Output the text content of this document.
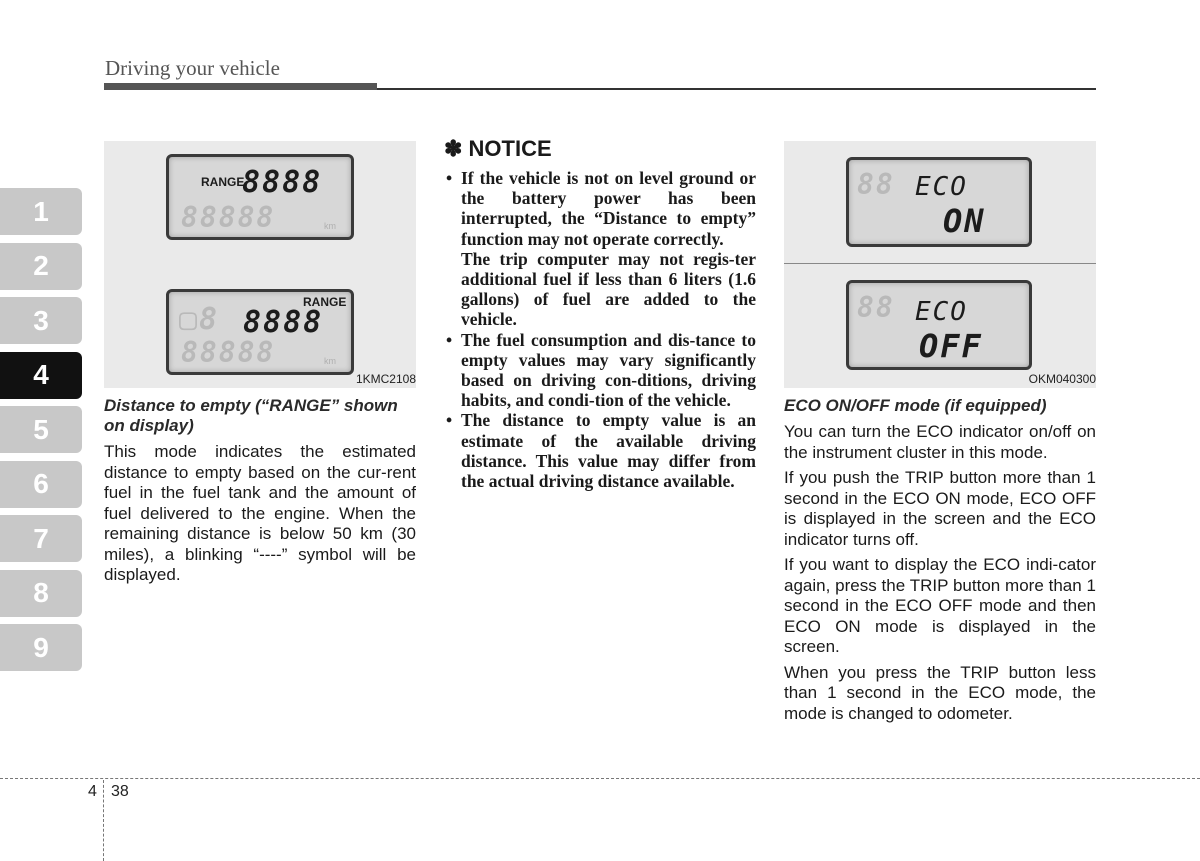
Driving your vehicle
1
2
3
4
5
6
7
8
9
RANGE
8888
88888	km
▢8 8888
RANGE
88888	km
1KMC2108
Distance to empty (“RANGE” shown on display)

This mode indicates the estimated distance to empty based on the cur-rent fuel in the fuel tank and the amount of fuel delivered to the engine. When the remaining distance is below 50 km (30 miles), a blinking “----” symbol will be displayed.

✽ NOTICE

• If the vehicle is not on level ground or the battery power has been interrupted, the “Distance to empty” function may not operate correctly.

The trip computer may not regis-ter additional fuel if less than 6 liters (1.6 gallons) of fuel are added to the vehicle.

• The fuel consumption and dis-tance to empty values may vary significantly based on driving con-ditions, driving habits, and condi-tion of the vehicle.

• The distance to empty value is an estimate of the available driving distance. This value may differ from the actual driving distance available.

88 ECO
ON
88 ECO
OFF
OKM040300
ECO ON/OFF mode (if equipped)

You can turn the ECO indicator on/off on the instrument cluster in this mode.

If you push the TRIP button more than 1 second in the ECO ON mode, ECO OFF is displayed in the screen and the ECO indicator turns off.

If you want to display the ECO indi-cator again, press the TRIP button more than 1 second in the ECO OFF mode and then ECO ON mode is displayed in the screen.

When you press the TRIP button less than 1 second in the ECO mode, the mode is changed to odometer.

4 38
